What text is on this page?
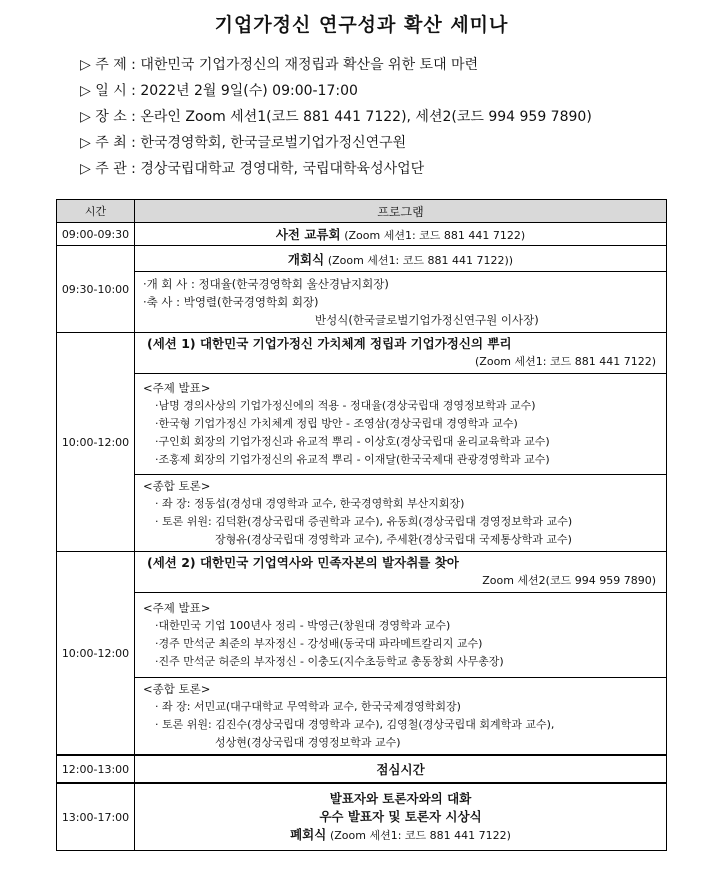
기업가정신 연구성과 확산 세미나
▷ 주 제 : 대한민국 기업가정신의 재정립과 확산을 위한 토대 마련
▷ 일 시 : 2022년 2월 9일(수) 09:00-17:00
▷ 장 소 : 온라인 Zoom 세션1(코드 881 441 7122), 세션2(코드 994 959 7890)
▷ 주 최 : 한국경영학회, 한국글로벌기업가정신연구원
▷ 주 관 : 경상국립대학교 경영대학, 국립대학육성사업단
시간	프로그램
09:00-09:30	사전 교류회 (Zoom 세션1: 코드 881 441 7122)
09:30-10:00	개회식 (Zoom 세션1: 코드 881 441 7122))

	·개 회 사 : 정대율(한국경영학회 울산경남지회장)
·축 사 : 박영렬(한국경영학회 회장)
반성식(한국글로벌기업가정신연구원 이사장)

10:00-12:00	(세션 1) 대한민국 기업가정신 가치체계 정립과 기업가정신의 뿌리
(Zoom 세션1: 코드 881 441 7122)

	<주제 발표>
·남명 경의사상의 기업가정신에의 적용 - 정대율(경상국립대 경영정보학과 교수)
·한국형 기업가정신 가치체계 정립 방안 - 조영삼(경상국립대 경영학과 교수)
·구인회 회장의 기업가정신과 유교적 뿌리 - 이상호(경상국립대 윤리교육학과 교수)
·조홍제 회장의 기업가정신의 유교적 뿌리 - 이재달(한국국제대 관광경영학과 교수)

	<종합 토론>
· 좌 장: 정동섭(경성대 경영학과 교수, 한국경영학회 부산지회장)
· 토론 위원: 김덕환(경상국립대 증권학과 교수), 유동희(경상국립대 경영정보학과 교수)
장형유(경상국립대 경영학과 교수), 주세환(경상국립대 국제통상학과 교수)

10:00-12:00	(세션 2) 대한민국 기업역사와 민족자본의 발자취를 찾아
Zoom 세션2(코드 994 959 7890)

	<주제 발표>
·대한민국 기업 100년사 정리 - 박영근(창원대 경영학과 교수)
·경주 만석군 최준의 부자정신 - 강성배(동국대 파라메트칼리지 교수)
·진주 만석군 허준의 부자정신 - 이충도(지수초등학교 총동창회 사무총장)

	<종합 토론>
· 좌 장: 서민교(대구대학교 무역학과 교수, 한국국제경영학회장)
· 토론 위원: 김진수(경상국립대 경영학과 교수), 김영철(경상국립대 회계학과 교수),
성상현(경상국립대 경영정보학과 교수)

12:00-13:00	점심시간
13:00-17:00	발표자와 토론자와의 대화
우수 발표자 및 토론자 시상식
폐회식 (Zoom 세션1: 코드 881 441 7122)
